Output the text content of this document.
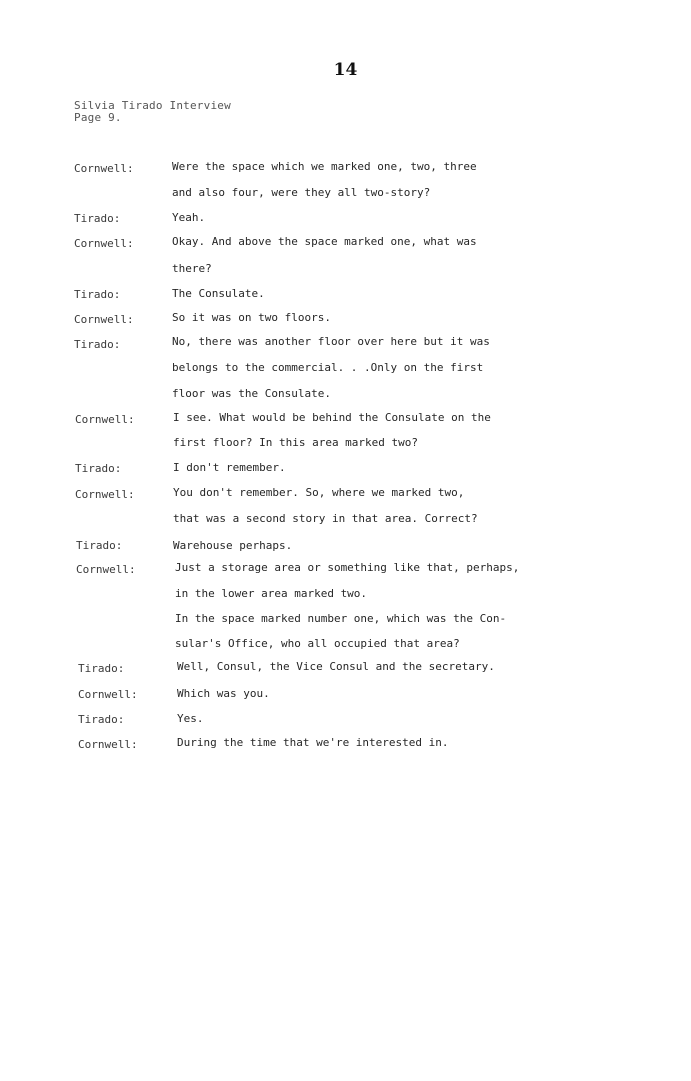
14
Silvia Tirado Interview
Page 9.
Cornwell:	Were the space which we marked one, two, three
and also four, were they all two-story?
Tirado:	Yeah.
Cornwell:	Okay. And above the space marked one, what was
there?
Tirado:	The Consulate.
Cornwell:	So it was on two floors.
Tirado:	No, there was another floor over here but it was
belongs to the commercial. . .Only on the first
floor was the Consulate.
Cornwell:	I see. What would be behind the Consulate on the
first floor? In this area marked two?
Tirado:	I don't remember.
Cornwell:	You don't remember. So, where we marked two,
that was a second story in that area. Correct?
Tirado:	Warehouse perhaps.
Cornwell:	Just a storage area or something like that, perhaps,
in the lower area marked two.
In the space marked number one, which was the Con-
sular's Office, who all occupied that area?
Tirado:	Well, Consul, the Vice Consul and the secretary.
Cornwell:	Which was you.
Tirado:	Yes.
Cornwell:	During the time that we're interested in.
